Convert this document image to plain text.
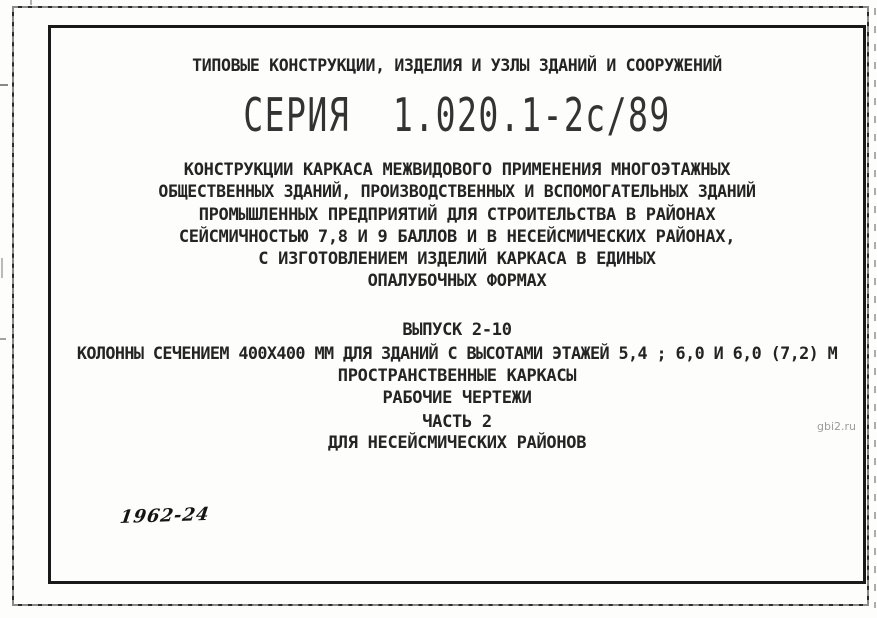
ТИПОВЫЕ КОНСТРУКЦИИ, ИЗДЕЛИЯ И УЗЛЫ ЗДАНИЙ И СООРУЖЕНИЙ
СЕРИЯ  1.020.1-2с/89
КОНСТРУКЦИИ КАРКАСА МЕЖВИДОВОГО ПРИМЕНЕНИЯ МНОГОЭТАЖНЫХ
ОБЩЕСТВЕННЫХ ЗДАНИЙ, ПРОИЗВОДСТВЕННЫХ И ВСПОМОГАТЕЛЬНЫХ ЗДАНИЙ
ПРОМЫШЛЕННЫХ ПРЕДПРИЯТИЙ ДЛЯ СТРОИТЕЛЬСТВА В РАЙОНАХ
СЕЙСМИЧНОСТЬЮ 7,8 И 9 БАЛЛОВ И В НЕСЕЙСМИЧЕСКИХ РАЙОНАХ,
С ИЗГОТОВЛЕНИЕМ ИЗДЕЛИЙ КАРКАСА В ЕДИНЫХ
ОПАЛУБОЧНЫХ ФОРМАХ
ВЫПУСК 2-10
КОЛОННЫ СЕЧЕНИЕМ 400X400 ММ ДЛЯ ЗДАНИЙ С ВЫСОТАМИ ЭТАЖЕЙ 5,4 ; 6,0 И 6,0 (7,2) М
ПРОСТРАНСТВЕННЫЕ КАРКАСЫ
РАБОЧИЕ ЧЕРТЕЖИ
ЧАСТЬ 2
ДЛЯ НЕСЕЙСМИЧЕСКИХ РАЙОНОВ
1962-24
gbi2.ru
